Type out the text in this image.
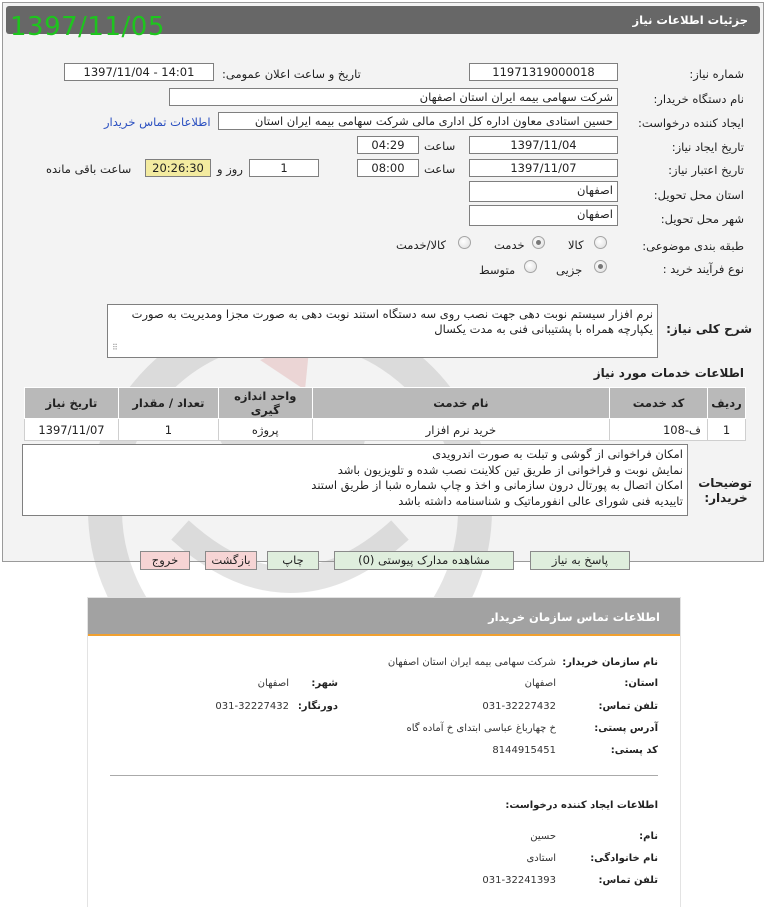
جزئیات اطلاعات نیاز
1397/11/05
شماره نیاز:
11971319000018
تاریخ و ساعت اعلان عمومی:
1397/11/04 - 14:01
نام دستگاه خریدار:
شرکت سهامی بیمه ایران استان اصفهان
ایجاد کننده درخواست:
حسین استادی معاون اداره کل اداری مالی شرکت سهامی بیمه ایران استان
اطلاعات تماس خریدار
تاریخ ایجاد نیاز:
1397/11/04
ساعت
04:29
تاریخ اعتبار نیاز:
1397/11/07
ساعت
08:00
1
روز و
20:26:30
ساعت باقی مانده
استان محل تحویل:
اصفهان
شهر محل تحویل:
اصفهان
طبقه بندی موضوعی:
کالا
خدمت
کالا/خدمت
نوع فرآیند خرید :
جزیی
متوسط
شرح کلی نیاز:
نرم افزار سیستم نوبت دهی جهت نصب روی سه دستگاه استند نوبت دهی به صورت مجزا ومدیریت به صورت یکپارچه همراه با پشتیبانی فنی به مدت یکسال
⠿
اطلاعات خدمات مورد نیاز
تاریخ نیاز	تعداد / مقدار	واحد اندازه گیری	نام خدمت	کد خدمت	ردیف
1397/11/07	1	پروژه	خرید نرم افزار	ف-108	1
توضیحات خریدار:
امکان فراخوانی از گوشی و تبلت به صورت اندرویدی
نمایش نوبت و فراخوانی از طریق تین کلاینت نصب شده و تلویزیون باشد
امکان اتصال به پورتال درون سازمانی و اخذ و چاپ شماره شبا از طریق استند
تاییدیه فنی شورای عالی انفورماتیک و شناسنامه داشته باشد
پاسخ به نیاز
مشاهده مدارک پیوستی (0)
چاپ
بازگشت
خروج
اطلاعات تماس سازمان خریدار
نام سازمان خریدار:
شرکت سهامی بیمه ایران استان اصفهان
استان:
اصفهان
شهر:
اصفهان
تلفن تماس:
031-32227432
دورنگار:
031-32227432
آدرس پستی:
خ چهارباغ عباسی ابتدای خ آماده گاه
کد پستی:
8144915451
اطلاعات ایجاد کننده درخواست:
نام:
حسین
نام خانوادگی:
استادی
تلفن تماس:
031-32241393
